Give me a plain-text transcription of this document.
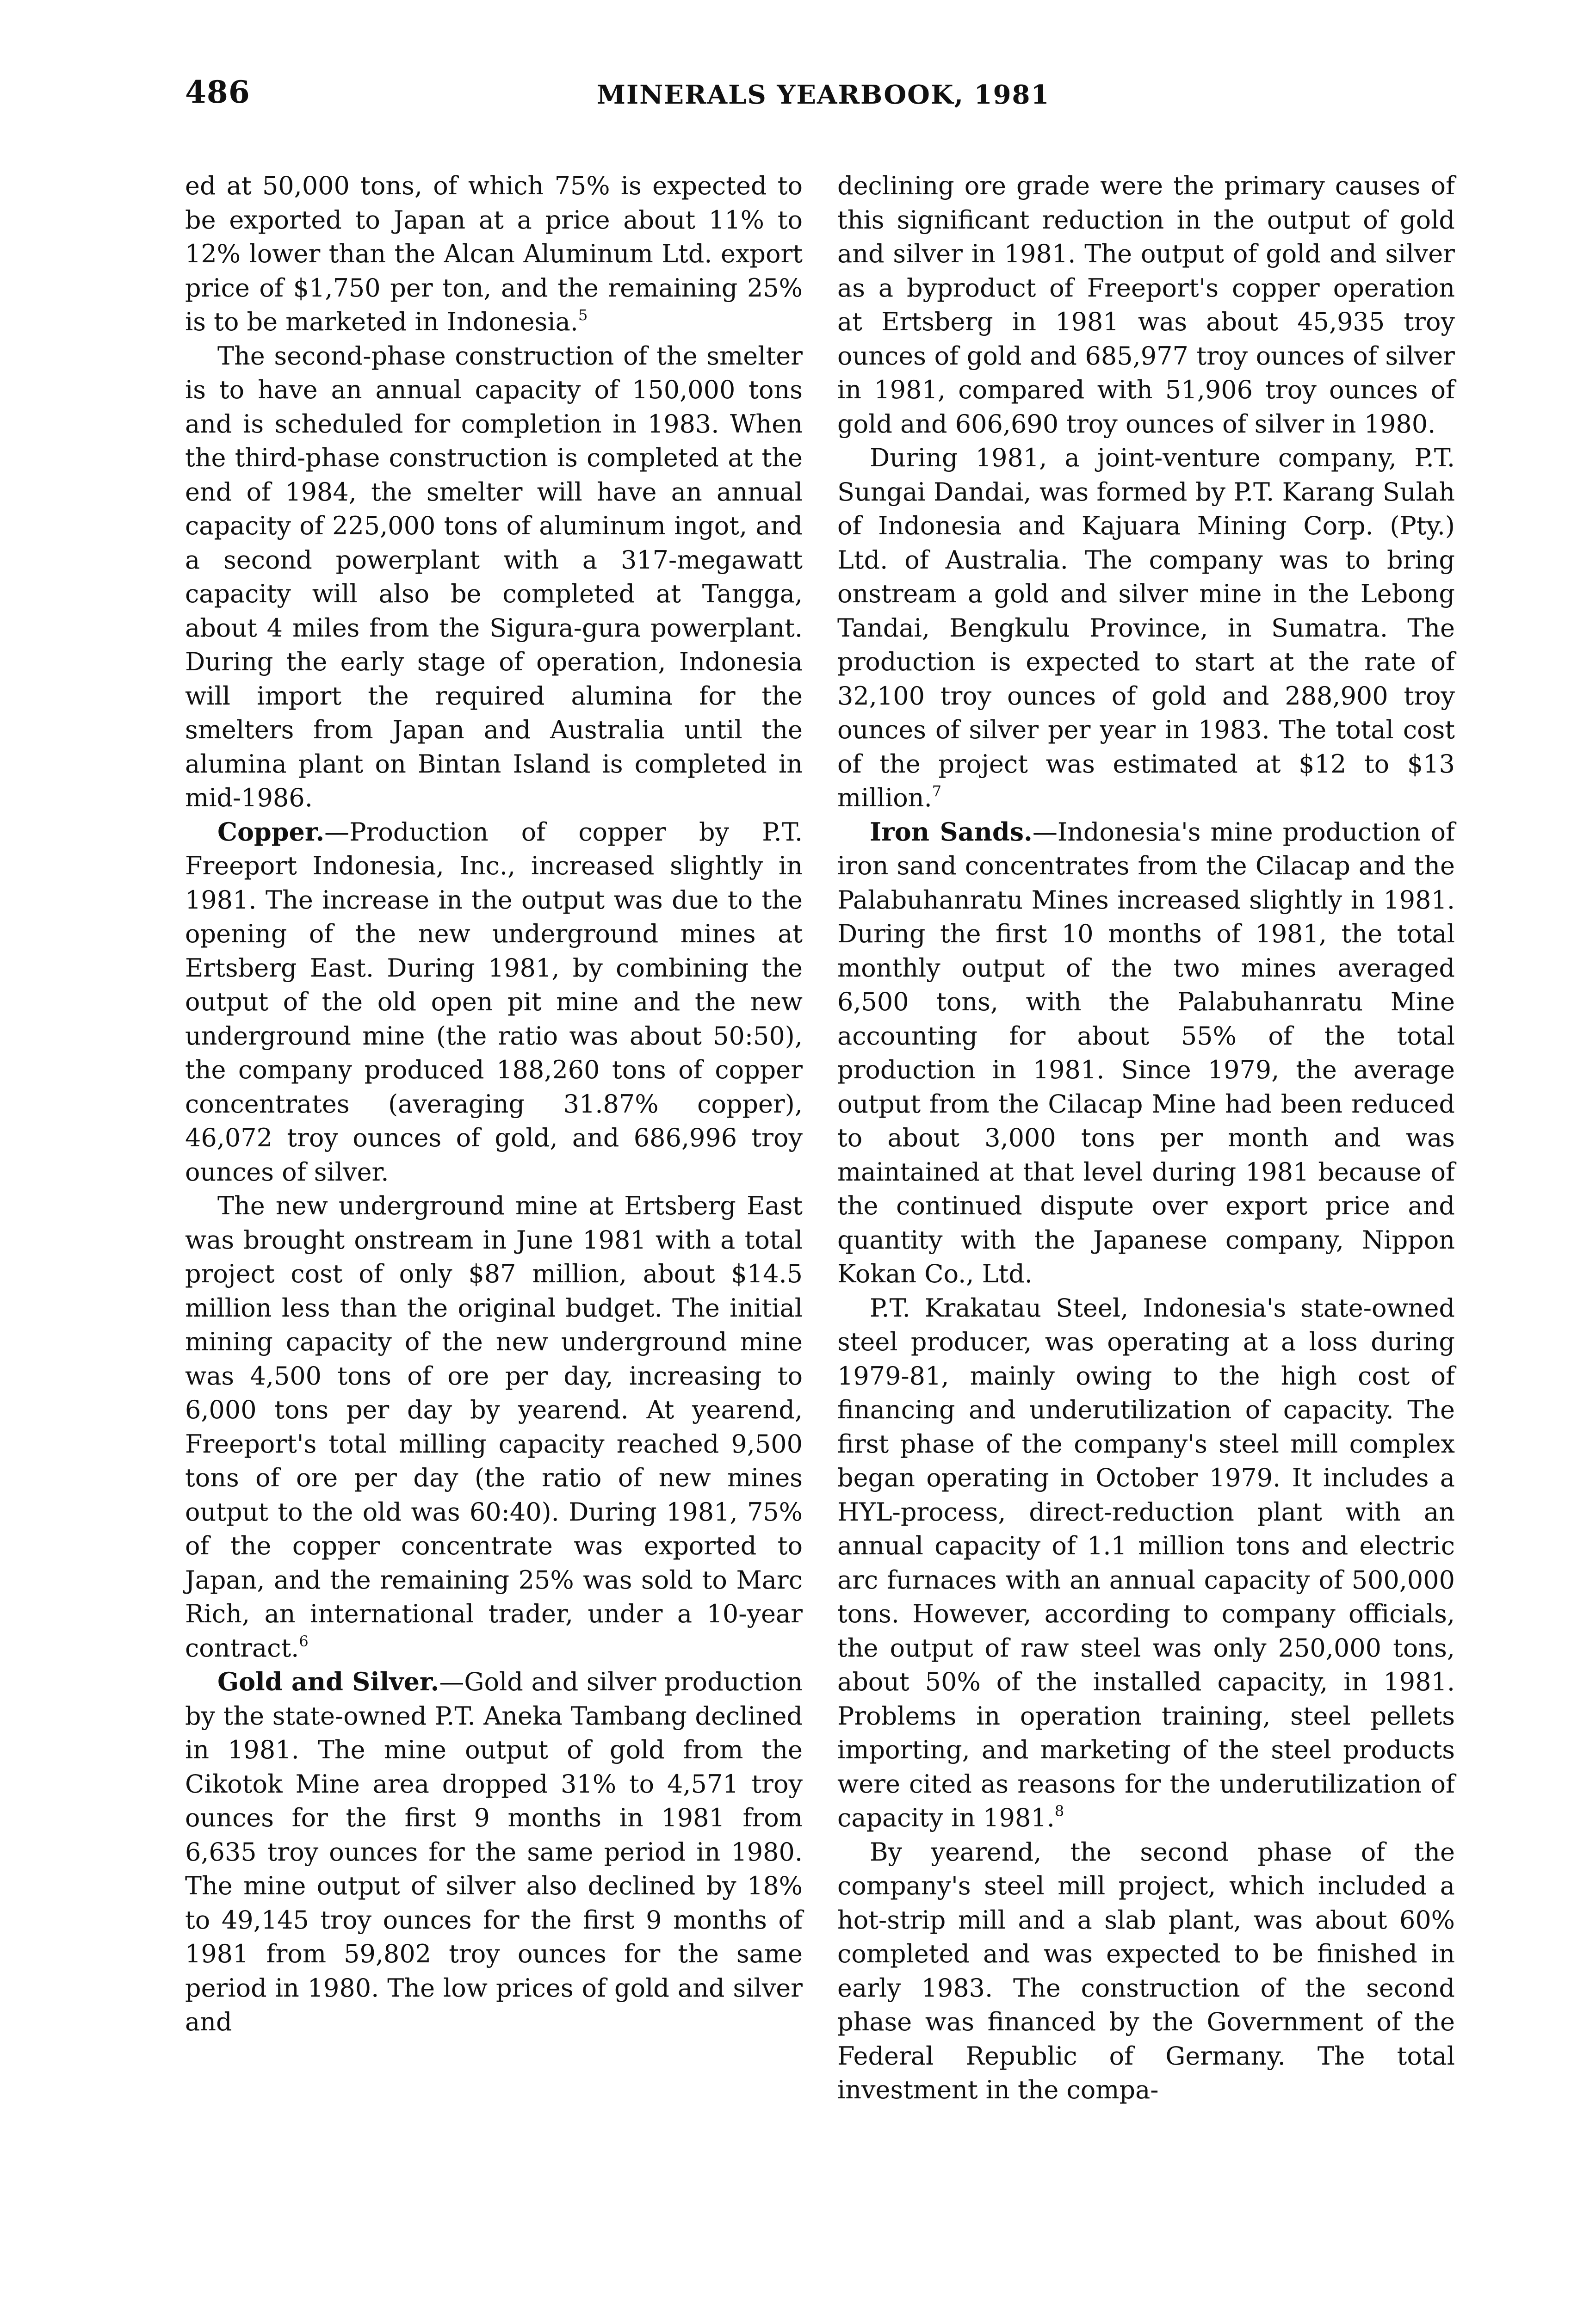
486	MINERALS YEARBOOK, 1981

ed at 50,000 tons, of which 75% is expected to be exported to Japan at a price about 11% to 12% lower than the Alcan Aluminum Ltd. export price of $1,750 per ton, and the remaining 25% is to be marketed in Indonesia.$^5$

The second-phase construction of the smelter is to have an annual capacity of 150,000 tons and is scheduled for completion in 1983. When the third-phase construction is completed at the end of 1984, the smelter will have an annual capacity of 225,000 tons of aluminum ingot, and a second powerplant with a 317-megawatt capacity will also be completed at Tangga, about 4 miles from the Sigura-gura powerplant. During the early stage of operation, Indonesia will import the required alumina for the smelters from Japan and Australia until the alumina plant on Bintan Island is completed in mid-1986.

Copper.—Production of copper by P.T. Freeport Indonesia, Inc., increased slightly in 1981. The increase in the output was due to the opening of the new underground mines at Ertsberg East. During 1981, by combining the output of the old open pit mine and the new underground mine (the ratio was about 50:50), the company produced 188,260 tons of copper concentrates (averaging 31.87% copper), 46,072 troy ounces of gold, and 686,996 troy ounces of silver.

The new underground mine at Ertsberg East was brought onstream in June 1981 with a total project cost of only $87 million, about $14.5 million less than the original budget. The initial mining capacity of the new underground mine was 4,500 tons of ore per day, increasing to 6,000 tons per day by yearend. At yearend, Freeport's total milling capacity reached 9,500 tons of ore per day (the ratio of new mines output to the old was 60:40). During 1981, 75% of the copper concentrate was exported to Japan, and the remaining 25% was sold to Marc Rich, an international trader, under a 10-year contract.$^6$

Gold and Silver.—Gold and silver production by the state-owned P.T. Aneka Tambang declined in 1981. The mine output of gold from the Cikotok Mine area dropped 31% to 4,571 troy ounces for the first 9 months in 1981 from 6,635 troy ounces for the same period in 1980. The mine output of silver also declined by 18% to 49,145 troy ounces for the first 9 months of 1981 from 59,802 troy ounces for the same period in 1980. The low prices of gold and silver and

declining ore grade were the primary causes of this significant reduction in the output of gold and silver in 1981. The output of gold and silver as a byproduct of Freeport's copper operation at Ertsberg in 1981 was about 45,935 troy ounces of gold and 685,977 troy ounces of silver in 1981, compared with 51,906 troy ounces of gold and 606,690 troy ounces of silver in 1980.

During 1981, a joint-venture company, P.T. Sungai Dandai, was formed by P.T. Karang Sulah of Indonesia and Kajuara Mining Corp. (Pty.) Ltd. of Australia. The company was to bring onstream a gold and silver mine in the Lebong Tandai, Bengkulu Province, in Sumatra. The production is expected to start at the rate of 32,100 troy ounces of gold and 288,900 troy ounces of silver per year in 1983. The total cost of the project was estimated at $12 to $13 million.$^7$

Iron Sands.—Indonesia's mine production of iron sand concentrates from the Cilacap and the Palabuhanratu Mines increased slightly in 1981. During the first 10 months of 1981, the total monthly output of the two mines averaged 6,500 tons, with the Palabuhanratu Mine accounting for about 55% of the total production in 1981. Since 1979, the average output from the Cilacap Mine had been reduced to about 3,000 tons per month and was maintained at that level during 1981 because of the continued dispute over export price and quantity with the Japanese company, Nippon Kokan Co., Ltd.

P.T. Krakatau Steel, Indonesia's state-owned steel producer, was operating at a loss during 1979-81, mainly owing to the high cost of financing and underutilization of capacity. The first phase of the company's steel mill complex began operating in October 1979. It includes a HYL-process, direct-reduction plant with an annual capacity of 1.1 million tons and electric arc furnaces with an annual capacity of 500,000 tons. However, according to company officials, the output of raw steel was only 250,000 tons, about 50% of the installed capacity, in 1981. Problems in operation training, steel pellets importing, and marketing of the steel products were cited as reasons for the underutilization of capacity in 1981.$^8$

By yearend, the second phase of the company's steel mill project, which included a hot-strip mill and a slab plant, was about 60% completed and was expected to be finished in early 1983. The construction of the second phase was financed by the Government of the Federal Republic of Germany. The total investment in the compa-
